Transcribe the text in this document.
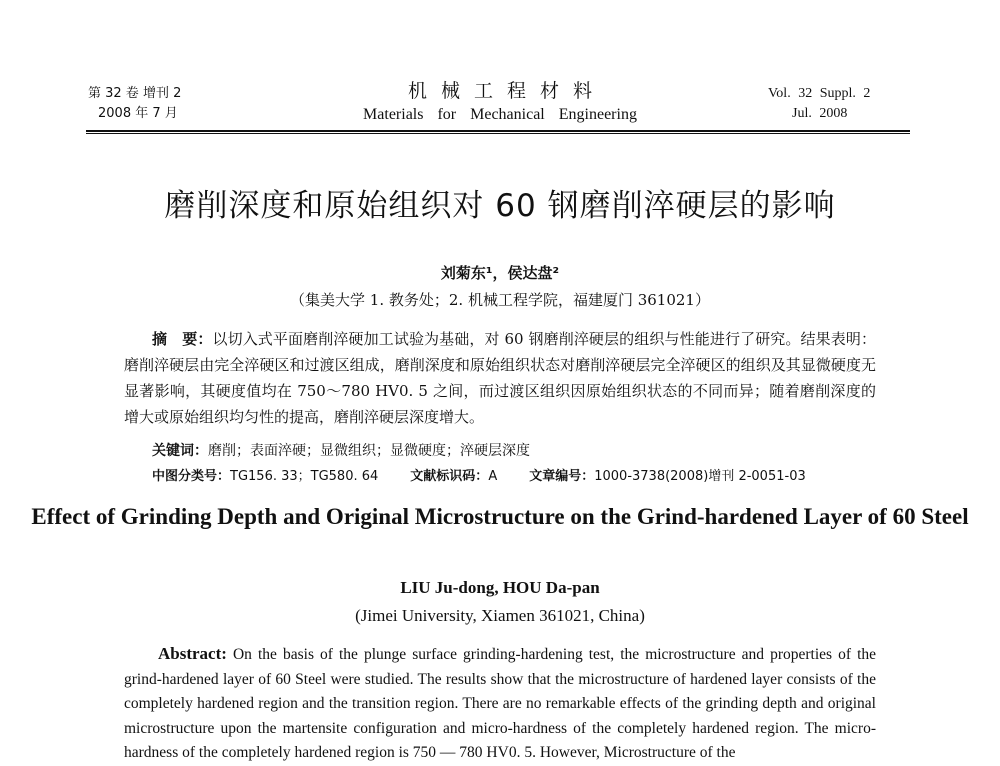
第 32 卷 增刊 2
2008 年 7 月
机械工程材料
Materials for Mechanical Engineering
Vol. 32 Suppl. 2
Jul. 2008
磨削深度和原始组织对 60 钢磨削淬硬层的影响
刘菊东¹，侯达盘²
（集美大学 1. 教务处；2. 机械工程学院，福建厦门 361021）
摘　要：以切入式平面磨削淬硬加工试验为基础，对 60 钢磨削淬硬层的组织与性能进行了研究。结果表明：磨削淬硬层由完全淬硬区和过渡区组成，磨削深度和原始组织状态对磨削淬硬层完全淬硬区的组织及其显微硬度无显著影响，其硬度值均在 750～780 HV0. 5 之间，而过渡区组织因原始组织状态的不同而异；随着磨削深度的增大或原始组织均匀性的提高，磨削淬硬层深度增大。
关键词：磨削；表面淬硬；显微组织；显微硬度；淬硬层深度
中图分类号：TG156. 33；TG580. 64 文献标识码：A 文章编号：1000-3738(2008)增刊 2-0051-03
Effect of Grinding Depth and Original Microstructure on the Grind-hardened Layer of 60 Steel
LIU Ju-dong, HOU Da-pan
(Jimei University, Xiamen 361021, China)
Abstract: On the basis of the plunge surface grinding-hardening test, the microstructure and properties of the grind-hardened layer of 60 Steel were studied. The results show that the microstructure of hardened layer consists of the completely hardened region and the transition region. There are no remarkable effects of the grinding depth and original microstructure upon the martensite configuration and micro-hardness of the completely hardened region. The micro-hardness of the completely hardened region is 750 — 780 HV0. 5. However, Microstructure of the
